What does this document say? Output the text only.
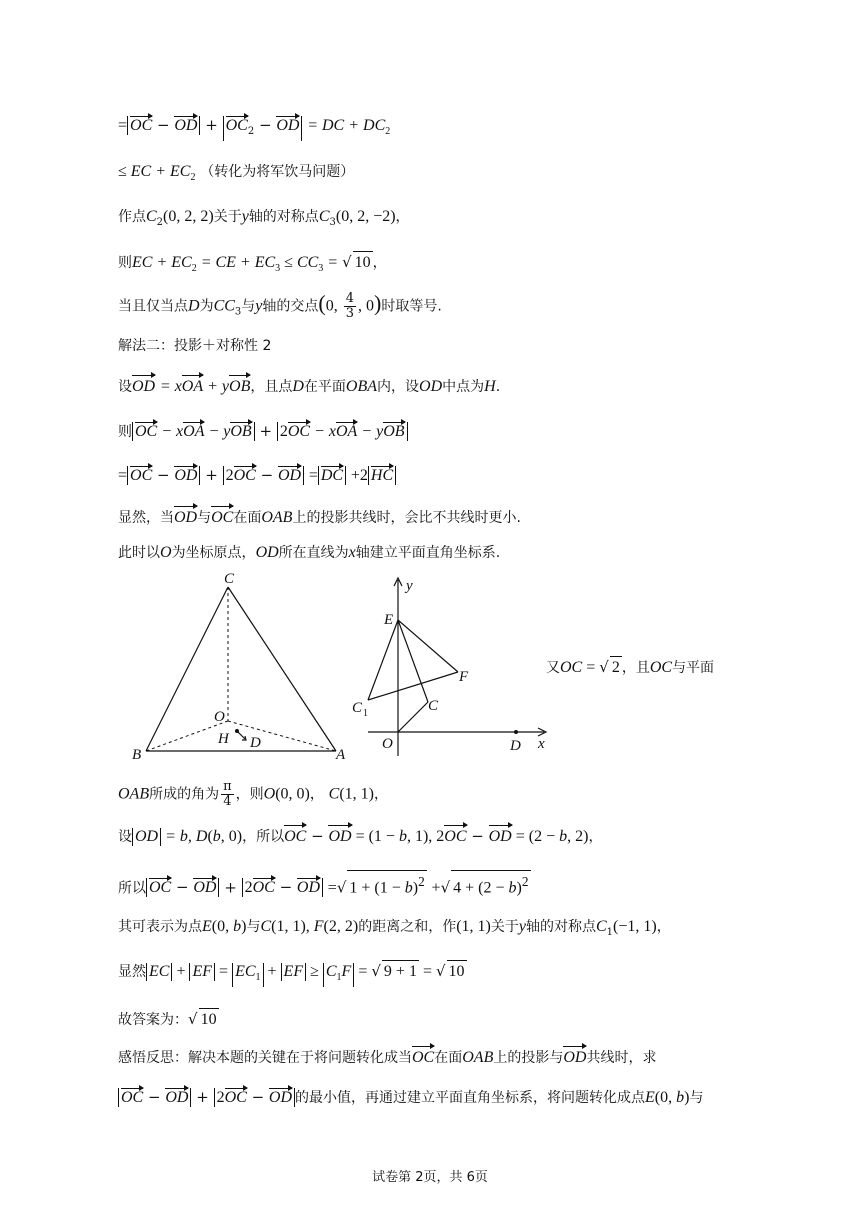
= OC − OD + $OC_2$ − OD = DC + $DC_2$
≤ EC + $EC_2$ （转化为将军饮马问题）
作点$C_2(0$, 2, 2)关于y轴的对称点$C_3(0$, 2, −2)，
则EC + $EC_2$ = CE + $EC_3 \le CC_3$ = √ 10 ，
当且仅当点D为$CC_3$与y轴的交点(0, $\frac{4}{3}$ , 0)时取等号.
解法二：投影＋对称性 2
设OD = xOA + yOB，且点D在平面OBA内，设OD中点为H.
则 OC − xOA − yOB + 2OC − xOA − yOB
= OC − OD + 2OC − OD = DC +2 HC
显然，当OD与OC在面OAB上的投影共线时，会比不共线时更小.
此时以O为坐标原点，OD所在直线为x轴建立平面直角坐标系.
C
O
H D
B	A
y
x
E
F
C 1	C
O	D
又OC = √ 2 ，且OC与平面
OAB所成的角为 $\frac{\pi}{4}$ ，则O(0, 0)， C(1, 1)，
设 OD = b, D(b, 0)，所以OC − OD = (1 − b, 1), 2OC − OD = (2 − b, 2)，
所以 OC − OD + 2OC − OD =√ $1 + (1 - b)^2$ +√ $4 + (2 - b)^2$
其可表示为点E(0, b)与C(1, 1), F(2, 2)的距离之和，作(1, 1)关于y轴的对称点$C_1(-1$, 1)，
显然 EC + EF = $EC_1$ + EF ≥ $C_1F$ = √ 9 + 1 = √ 10
故答案为：√ 10
感悟反思：解决本题的关键在于将问题转化成当OC在面OAB上的投影与OD共线时，求
OC − OD + 2OC − OD 的最小值，再通过建立平面直角坐标系，将问题转化成点E(0, b)与
试卷第 2页，共 6页
